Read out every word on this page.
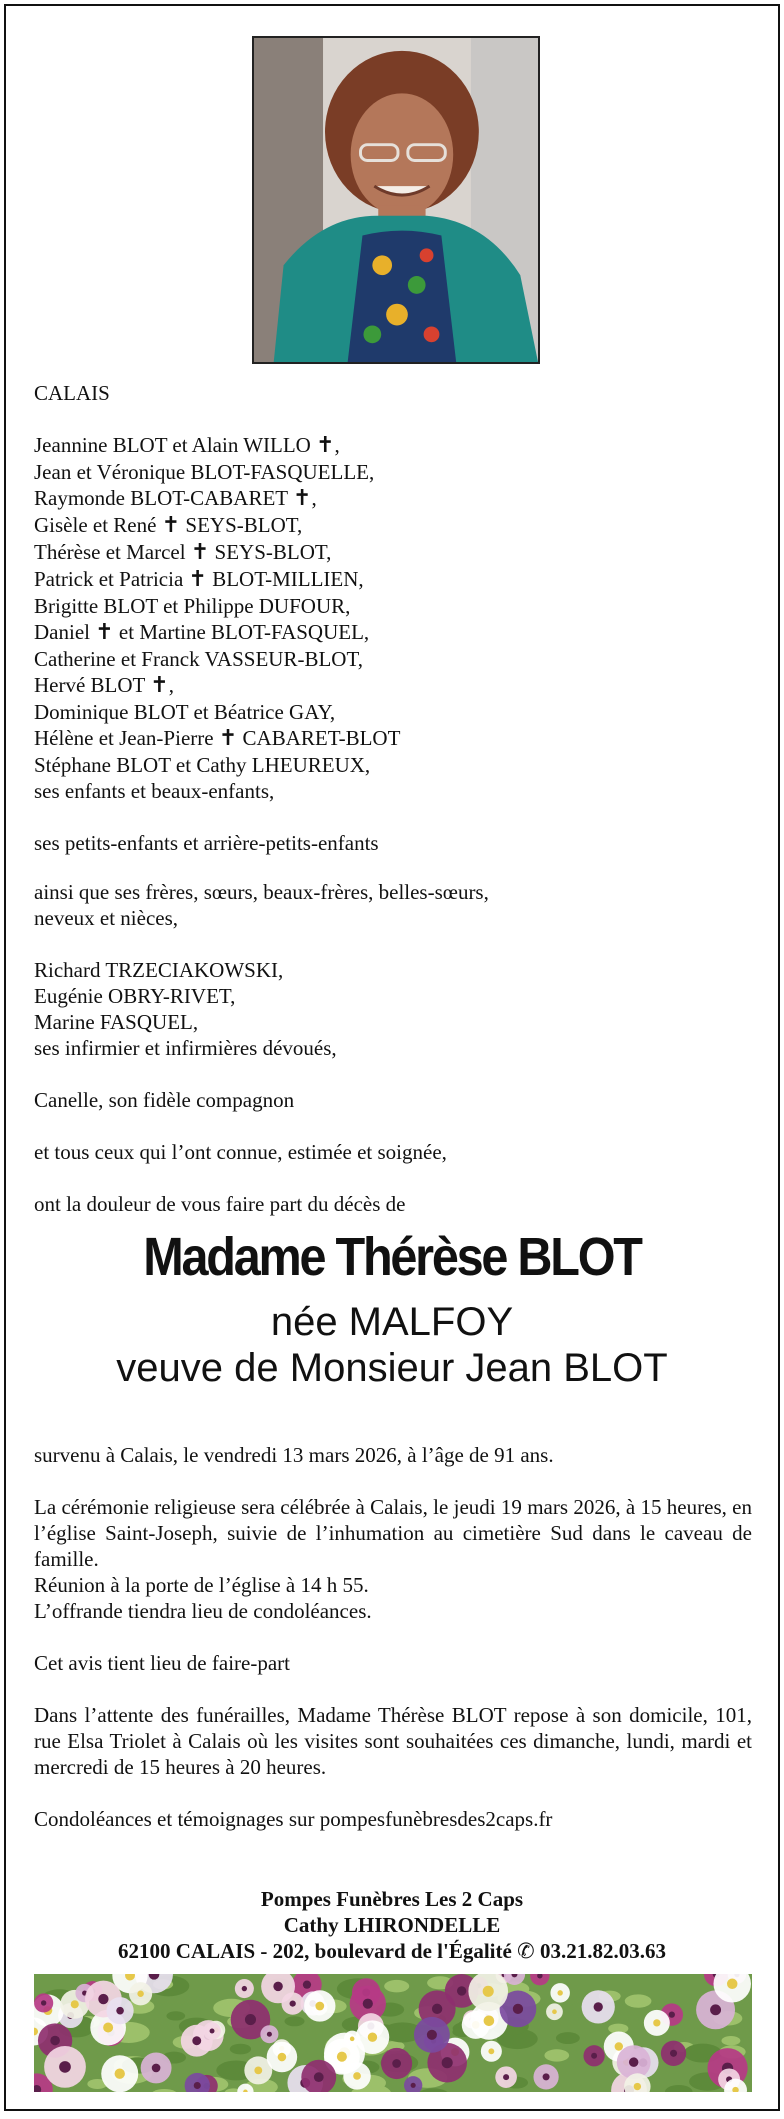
CALAIS
Jeannine BLOT et Alain WILLO ✝,
Jean et Véronique BLOT-FASQUELLE,
Raymonde BLOT-CABARET ✝,
Gisèle et René ✝ SEYS-BLOT,
Thérèse et Marcel ✝ SEYS-BLOT,
Patrick et Patricia ✝ BLOT-MILLIEN,
Brigitte BLOT et Philippe DUFOUR,
Daniel ✝ et Martine BLOT-FASQUEL,
Catherine et Franck VASSEUR-BLOT,
Hervé BLOT ✝,
Dominique BLOT et Béatrice GAY,
Hélène et Jean-Pierre ✝ CABARET-BLOT
Stéphane BLOT et Cathy LHEUREUX,
ses enfants et beaux-enfants,
ses petits-enfants et arrière-petits-enfants
ainsi que ses frères, sœurs, beaux-frères, belles-sœurs,
neveux et nièces,
Richard TRZECIAKOWSKI,
Eugénie OBRY-RIVET,
Marine FASQUEL,
ses infirmier et infirmières dévoués,
Canelle, son fidèle compagnon
et tous ceux qui l’ont connue, estimée et soignée,
ont la douleur de vous faire part du décès de
Madame Thérèse BLOT
née MALFOY
veuve de Monsieur Jean BLOT
survenu à Calais, le vendredi 13 mars 2026, à l’âge de 91 ans.
La cérémonie religieuse sera célébrée à Calais, le jeudi 19 mars 2026, à 15 heures, en l’église Saint-Joseph, suivie de l’inhumation au cimetière Sud dans le caveau de famille.
Réunion à la porte de l’église à 14 h 55.
L’offrande tiendra lieu de condoléances.
Cet avis tient lieu de faire-part
Dans l’attente des funérailles, Madame Thérèse BLOT repose à son domicile, 101, rue Elsa Triolet à Calais où les visites sont souhaitées ces dimanche, lundi, mardi et mercredi de 15 heures à 20 heures.
Condoléances et témoignages sur pompesfunèbresdes2caps.fr
Pompes Funèbres Les 2 Caps
Cathy LHIRONDELLE
62100 CALAIS - 202, boulevard de l'Égalité ✆ 03.21.82.03.63
